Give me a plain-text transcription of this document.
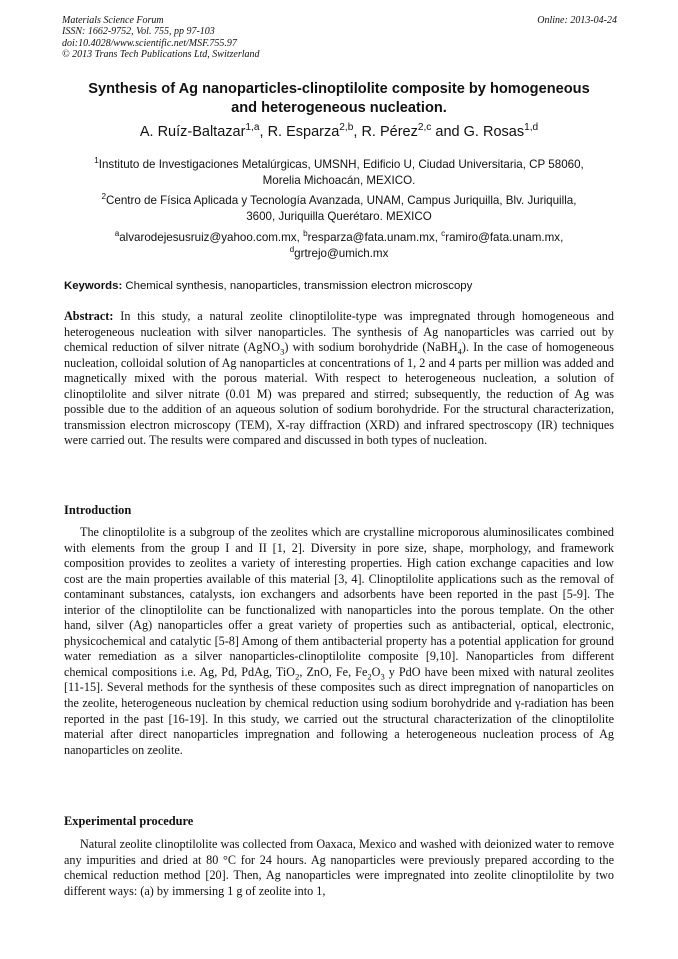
Materials Science Forum
ISSN: 1662-9752, Vol. 755, pp 97-103
doi:10.4028/www.scientific.net/MSF.755.97
© 2013 Trans Tech Publications Ltd, Switzerland
Online: 2013-04-24
Synthesis of Ag nanoparticles-clinoptilolite composite by homogeneous
and heterogeneous nucleation.
A. Ruíz-Baltazar$^{1,a}$, R. Esparza$^{2,b}$, R. Pérez$^{2,c}$ and G. Rosas$^{1,d}$
$^1$Instituto de Investigaciones Metalúrgicas, UMSNH, Edificio U, Ciudad Universitaria, CP 58060,
Morelia Michoacán, MEXICO.
$^2$Centro de Física Aplicada y Tecnología Avanzada, UNAM, Campus Juriquilla, Blv. Juriquilla,
3600, Juriquilla Querétaro. MEXICO
$^a$alvarodejesusruiz@yahoo.com.mx, $^b$resparza@fata.unam.mx, $^c$ramiro@fata.unam.mx,
$^d$grtrejo@umich.mx
Keywords: Chemical synthesis, nanoparticles, transmission electron microscopy

Abstract: In this study, a natural zeolite clinoptilolite-type was impregnated through homogeneous and heterogeneous nucleation with silver nanoparticles. The synthesis of Ag nanoparticles was carried out by chemical reduction of silver nitrate (AgNO$_3$) with sodium borohydride (NaBH$_4$). In the case of homogeneous nucleation, colloidal solution of Ag nanoparticles at concentrations of 1, 2 and 4 parts per million was added and magnetically mixed with the porous material. With respect to heterogeneous nucleation, a solution of clinoptilolite and silver nitrate (0.01 M) was prepared and stirred; subsequently, the reduction of Ag was possible due to the addition of an aqueous solution of sodium borohydride. For the structural characterization, transmission electron microscopy (TEM), X-ray diffraction (XRD) and infrared spectroscopy (IR) techniques were carried out. The results were compared and discussed in both types of nucleation.

Introduction

The clinoptilolite is a subgroup of the zeolites which are crystalline microporous aluminosilicates combined with elements from the group I and II [1, 2]. Diversity in pore size, shape, morphology, and framework composition provides to zeolites a variety of interesting properties. High cation exchange capacities and low cost are the main properties available of this material [3, 4]. Clinoptilolite applications such as the removal of contaminant substances, catalysts, ion exchangers and adsorbents have been reported in the past [5-9]. The interior of the clinoptilolite can be functionalized with nanoparticles into the porous template. On the other hand, silver (Ag) nanoparticles offer a great variety of properties such as antibacterial, optical, electronic, physicochemical and catalytic [5-8] Among of them antibacterial property has a potential application for ground water remediation as a silver nanoparticles-clinoptilolite composite [9,10]. Nanoparticles from different chemical compositions i.e. Ag, Pd, PdAg, TiO$_2$, ZnO, Fe, $Fe_2O_3$ y PdO have been mixed with natural zeolites [11-15]. Several methods for the synthesis of these composites such as direct impregnation of nanoparticles on the zeolite, heterogeneous nucleation by chemical reduction using sodium borohydride and γ-radiation has been reported in the past [16-19]. In this study, we carried out the structural characterization of the clinoptilolite material after direct nanoparticles impregnation and following a heterogeneous nucleation process of Ag nanoparticles on zeolite.

Experimental procedure

Natural zeolite clinoptilolite was collected from Oaxaca, Mexico and washed with deionized water to remove any impurities and dried at 80 °C for 24 hours. Ag nanoparticles were previously prepared according to the chemical reduction method [20]. Then, Ag nanoparticles were impregnated into zeolite clinoptilolite by two different ways: (a) by immersing 1 g of zeolite into 1,
